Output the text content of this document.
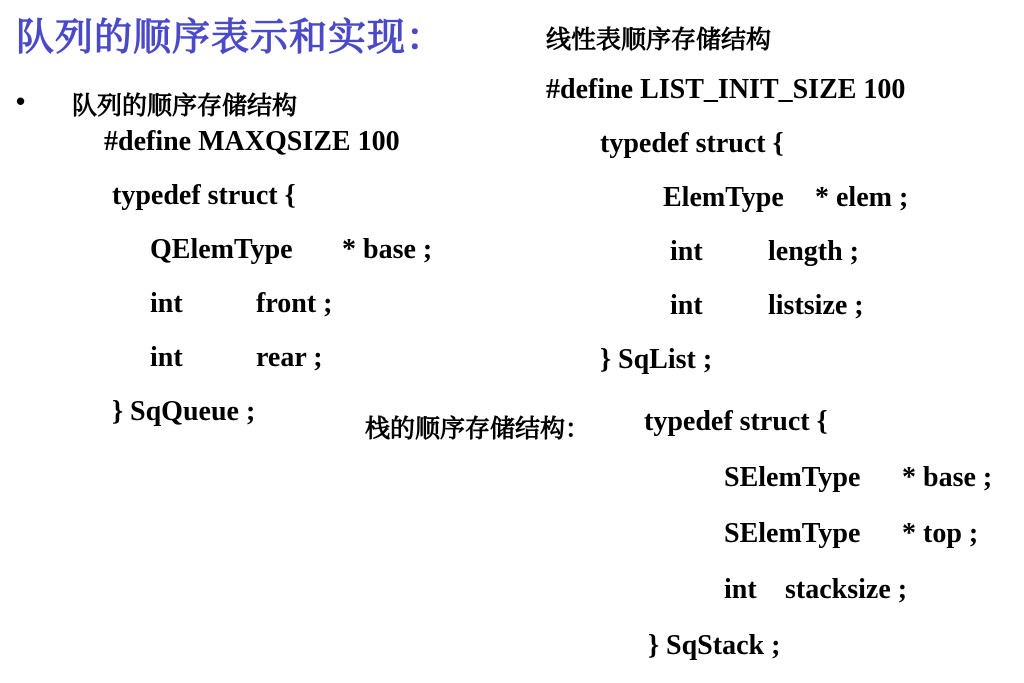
队列的顺序表示和实现：
• 队列的顺序存储结构
#define MAXQSIZE 100
typedef struct {
QElemType * base ;
int	front ;
int	rear ;
} SqQueue ;
线性表顺序存储结构
#define LIST_INIT_SIZE 100
typedef struct {
ElemType * elem ;
int length ;
int listsize ;
} SqList ;
栈的顺序存储结构： typedef struct {
SElemType * base ;
SElemType * top ;
int stacksize ;
} SqStack ;
